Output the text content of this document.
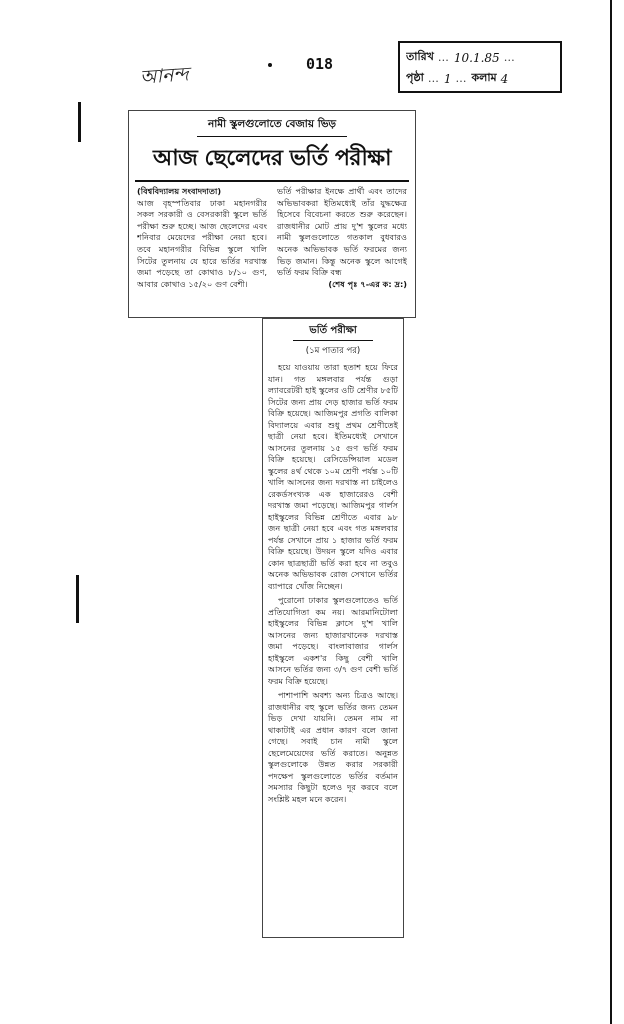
আনন্দ	018	তারিখ … 10.1.85 …
পৃষ্ঠা … 1 … কলাম 4
নামী স্কুলগুলোতে বেজায় ভিড়
আজ ছেলেদের ভর্তি পরীক্ষা
(বিশ্ববিদ্যালয় সংবাদদাতা)
আজ বৃহস্পতিবার ঢাকা মহানগরীর সকল সরকারী ও বেসরকারী স্কুলে ভর্তি পরীক্ষা শুরু হচ্ছে। আজ ছেলেদের এবং শনিবার মেয়েদের পরীক্ষা নেয়া হবে। তবে মহানগরীর বিভিন্ন স্কুলে খালি সিটের তুলনায় যে হারে ভর্তির দরখাস্ত জমা পড়েছে তা কোথাও ৮/১০ গুণ, আবার কোথাও ১৫/২০ গুণ বেশী।
ভর্তি পরীক্ষার ইনক্ষে প্রার্থী এবং তাদের অভিভাবকরা ইতিমধ্যেই তাঁর যুদ্ধক্ষেত্র হিসেবে বিবেচনা করতে শুরু করেছেন। রাজধানীর মোট প্রায় দু'শ স্কুলের মধ্যে নামী স্কুলগুলোতে গতকাল বুধবারও অনেক অভিভাবক ভর্তি ফরমের জন্য ভিড় জমান। কিন্তু অনেক স্কুলে আগেই ভর্তি ফরম বিক্রি বন্ধ
(শেষ পৃঃ ৭-এর ক: দ্র:)
ভর্তি পরীক্ষা
(১ম পাতার পর)

হয়ে যাওয়ায় তারা হতাশ হয়ে ফিরে যান। গত মঙ্গলবার পর্যন্ত গুড়া ল্যাবরেটরী হাই স্কুলের ওটি শ্রেণীর ৮৫টি সিটের জন্য প্রায় দেড় হাজার ভর্তি ফরম বিক্রি হয়েছে। আজিমপুর প্রগতি বালিকা বিদ্যালয়ে এবার শুধু প্রথম শ্রেণীতেই ছাত্রী নেয়া হবে। ইতিমধ্যেই সেখানে আসনের তুলনায় ১৫ গুণ ভর্তি ফরম বিক্রি হয়েছে। রেসিডেন্সিয়াল মডেল স্কুলের ৪র্থ থেকে ১০ম শ্রেণী পর্যন্ত ১০টি খালি আসনের জন্য দরখাস্ত না চাইলেও রেকর্ডসংখ্যক এক হাজারেরও বেশী দরখাস্ত জমা পড়েছে। আজিমপুর গার্লস হাইস্কুলের বিভিন্ন শ্রেণীতে এবার ৯৮ জন ছাত্রী নেয়া হবে এবং গত মঙ্গলবার পর্যন্ত সেখানে প্রায় ১ হাজার ভর্তি ফরম বিক্রি হয়েছে। উদয়ন স্কুলে যদিও এবার কোন ছাত্রছাত্রী ভর্তি করা হবে না তবুও অনেক অভিভাবক রোজ সেখানে ভর্তির ব্যাপারে খোঁজ নিচ্ছেন।

পুরোনো ঢাকার স্কুলগুলোতেও ভর্তি প্রতিযোগিতা কম নয়। আরমানিটোলা হাইস্কুলের বিভিন্ন ক্লাসে দু'শ খালি আসনের জন্য হাজারখানেক দরখাস্ত জমা পড়েছে। বাংলাবাজার গার্লস হাইস্কুলে একশ'র কিছু বেশী খালি আসনে ভর্তির জন্য ৩/৭ গুণ বেশী ভর্তি ফরম বিক্রি হয়েছে।

পাশাপাশি অবশ্য অন্য চিত্রও আছে। রাজধানীর বহু স্কুলে ভর্তির জন্য তেমন ভিড় দেখা যায়নি। তেমন নাম না থাকাটাই এর প্রধান কারণ বলে জানা গেছে। সবাই চান নামী স্কুলে ছেলেমেয়েদের ভর্তি করাতে। অনুন্নত স্কুলগুলোকে উন্নত করার সরকারী পদক্ষেপ স্কুলগুলোতে ভর্তির বর্তমান সমস্যার কিছুটা হলেও দূর করবে বলে সংশ্লিষ্ট মহল মনে করেন।
